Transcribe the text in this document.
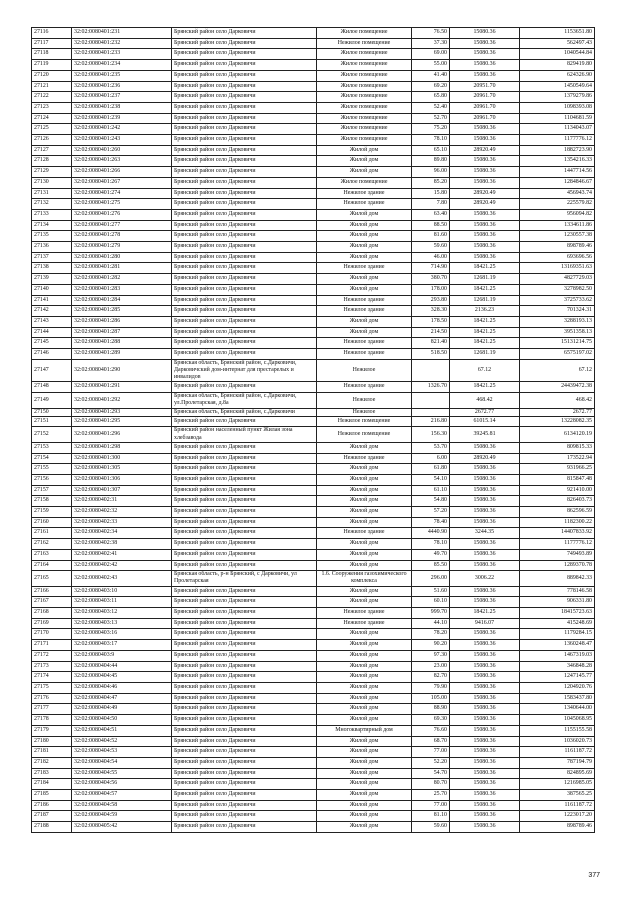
27116	32:02:0080401:231	Брянский район село Дарковичи	Жилое помещение	76.50	15080.36	1153651.80
27117	32:02:0080401:232	Брянский район село Дарковичи	Нежилое помещение	37.30	15080.36	562497.43
27118	32:02:0080401:233	Брянский район село Дарковичи	Жилое помещение	69.00	15080.36	1040544.84
27119	32:02:0080401:234	Брянский район село Дарковичи	Жилое помещение	55.00	15080.36	829419.80
27120	32:02:0080401:235	Брянский район село Дарковичи	Жилое помещение	41.40	15080.36	624326.90
27121	32:02:0080401:236	Брянский район село Дарковичи	Жилое помещение	69.20	20951.70	1450549.64
27122	32:02:0080401:237	Брянский район село Дарковичи	Жилое помещение	65.80	20961.70	1379279.86
27123	32:02:0080401:238	Брянский район село Дарковичи	Жилое помещение	52.40	20961.70	1098393.08
27124	32:02:0080401:239	Брянский район село Дарковичи	Жилое помещение	52.70	20961.70	1104681.59
27125	32:02:0080401:242	Брянский район село Дарковичи	Жилое помещение	75.20	15080.36	1134043.07
27126	32:02:0080401:243	Брянский район село Дарковичи	Жилое помещение	78.10	15080.36	1177776.12
27127	32:02:0080401:260	Брянский район село Дарковичи	Жилой дом	65.10	28920.49	1882723.90
27128	32:02:0080401:263	Брянский район село Дарковичи	Жилой дом	89.80	15080.36	1354216.33
27129	32:02:0080401:266	Брянский район село Дарковичи	Жилой дом	96.00	15080.36	1447714.56
27130	32:02:0080401:267	Брянский район село Дарковичи	Жилое помещение	85.20	15080.36	1284846.67
27131	32:02:0080401:274	Брянский район село Дарковичи	Нежилое здание	15.80	28920.49	456943.74
27132	32:02:0080401:275	Брянский район село Дарковичи	Нежилое здание	7.80	28920.49	225579.82
27133	32:02:0080401:276	Брянский район село Дарковичи	Жилой дом	63.40	15080.36	956094.82
27134	32:02:0080401:277	Брянский район село Дарковичи	Жилой дом	88.50	15080.36	1334611.86
27135	32:02:0080401:278	Брянский район село Дарковичи	Жилой дом	81.60	15080.36	1230557.38
27136	32:02:0080401:279	Брянский район село Дарковичи	Жилой дом	59.60	15080.36	898789.46
27137	32:02:0080401:280	Брянский район село Дарковичи	Жилой дом	46.00	15080.36	693696.56
27138	32:02:0080401:281	Брянский район село Дарковичи	Нежилое здание	714.90	18421.25	13169351.63
27139	32:02:0080401:282	Брянский район село Дарковичи	Жилой дом	380.70	12681.19	4827729.03
27140	32:02:0080401:283	Брянский район село Дарковичи	Жилой дом	178.00	18421.25	3278982.50
27141	32:02:0080401:284	Брянский район село Дарковичи	Нежилое здание	293.80	12681.19	3725733.62
27142	32:02:0080401:285	Брянский район село Дарковичи	Нежилое здание	328.30	2136.23	701324.31
27143	32:02:0080401:286	Брянский район село Дарковичи	Жилой дом	178.50	18421.25	3288193.13
27144	32:02:0080401:287	Брянский район село Дарковичи	Жилой дом	214.50	18421.25	3951358.13
27145	32:02:0080401:288	Брянский район село Дарковичи	Нежилое здание	821.40	18421.25	15131214.75
27146	32:02:0080401:289	Брянский район село Дарковичи	Нежилое здание	518.50	12681.19	6575197.02
27147	32:02:0080401:290	Брянская область, Брянский район, с.Дарковичи, Дарковичский дом-интернат для престарелых и инвалидов	Нежилое		67.12	67.12
27148	32:02:0080401:291	Брянский район село Дарковичи	Нежилое здание	1326.70	18421.25	24439472.38
27149	32:02:0080401:292	Брянская область, Брянский район, с.Дарковичи, ул.Пролетарская, д.8а	Нежилое		468.42	468.42
27150	32:02:0080401:293	Брянская область, Брянский район, с.Дарковичи	Нежилое		2672.77	2672.77
27151	32:02:0080401:295	Брянский район село Дарковичи	Нежилое помещение	216.80	61015.14	13228082.35
27152	32:02:0080401:296	Брянский район населенный пункт Жилая зона хлебзавода	Нежилое помещение	156.30	39245.81	6134120.19
27153	32:02:0080401:298	Брянский район село Дарковичи	Жилой дом	53.70	15080.36	809815.33
27154	32:02:0080401:300	Брянский район село Дарковичи	Нежилое здание	6.00	28920.49	173522.94
27155	32:02:0080401:305	Брянский район село Дарковичи	Жилой дом	61.80	15080.36	931966.25
27156	32:02:0080401:306	Брянский район село Дарковичи	Жилой дом	54.10	15080.36	815847.48
27157	32:02:0080401:307	Брянский район село Дарковичи	Жилой дом	61.10	15080.36	921410.00
27158	32:02:0080402:31	Брянский район село Дарковичи	Жилой дом	54.80	15080.36	826403.73
27159	32:02:0080402:32	Брянский район село Дарковичи	Жилой дом	57.20	15080.36	862596.59
27160	32:02:0080402:33	Брянский район село Дарковичи	Жилой дом	78.40	15080.36	1182300.22
27161	32:02:0080402:34	Брянский район село Дарковичи	Нежилое здание	4440.90	3244.35	14407833.92
27162	32:02:0080402:38	Брянский район село Дарковичи	Жилой дом	78.10	15080.36	1177776.12
27163	32:02:0080402:41	Брянский район село Дарковичи	Жилой дом	49.70	15080.36	749493.89
27164	32:02:0080402:42	Брянский район село Дарковичи	Жилой дом	85.50	15080.36	1289370.78
27165	32:02:0080402:43	Брянская область, р-н Брянский, с Дарковичи, ул Пролетарская	1.6. Сооружения газохимического комплекса	296.00	3006.22	889842.33
27166	32:02:0080403:10	Брянский район село Дарковичи	Жилой дом	51.60	15080.36	778146.58
27167	32:02:0080403:11	Брянский район село Дарковичи	Жилой дом	60.10	15080.36	906331.80
27168	32:02:0080403:12	Брянский район село Дарковичи	Нежилое здание	999.70	18421.25	18415723.63
27169	32:02:0080403:13	Брянский район село Дарковичи	Нежилое здание	44.10	9416.07	415248.69
27170	32:02:0080403:16	Брянский район село Дарковичи	Жилой дом	78.20	15080.36	1179284.15
27171	32:02:0080403:17	Брянский район село Дарковичи	Жилой дом	90.20	15080.36	1360248.47
27172	32:02:0080403:9	Брянский район село Дарковичи	Жилой дом	97.30	15080.36	1467319.03
27173	32:02:0080404:44	Брянский район село Дарковичи	Жилой дом	23.00	15080.36	346848.28
27174	32:02:0080404:45	Брянский район село Дарковичи	Жилой дом	82.70	15080.36	1247145.77
27175	32:02:0080404:46	Брянский район село Дарковичи	Жилой дом	79.90	15080.36	1204920.76
27176	32:02:0080404:47	Брянский район село Дарковичи	Жилой дом	105.00	15080.36	1583437.80
27177	32:02:0080404:49	Брянский район село Дарковичи	Жилой дом	88.90	15080.36	1340644.00
27178	32:02:0080404:50	Брянский район село Дарковичи	Жилой дом	69.30	15080.36	1045068.95
27179	32:02:0080404:51	Брянский район село Дарковичи	Многоквартирный дом	76.60	15080.36	1155155.58
27180	32:02:0080404:52	Брянский район село Дарковичи	Жилой дом	68.70	15080.36	1036020.73
27181	32:02:0080404:53	Брянский район село Дарковичи	Жилой дом	77.00	15080.36	1161187.72
27182	32:02:0080404:54	Брянский район село Дарковичи	Жилой дом	52.20	15080.36	787194.79
27183	32:02:0080404:55	Брянский район село Дарковичи	Жилой дом	54.70	15080.36	824895.69
27184	32:02:0080404:56	Брянский район село Дарковичи	Жилой дом	80.70	15080.36	1216985.05
27185	32:02:0080404:57	Брянский район село Дарковичи	Жилой дом	25.70	15080.36	387565.25
27186	32:02:0080404:58	Брянский район село Дарковичи	Жилой дом	77.00	15080.36	1161187.72
27187	32:02:0080404:59	Брянский район село Дарковичи	Жилой дом	81.10	15080.36	1223017.20
27188	32:02:0080405:42	Брянский район село Дарковичи	Жилой дом	59.60	15080.36	898789.46
377
